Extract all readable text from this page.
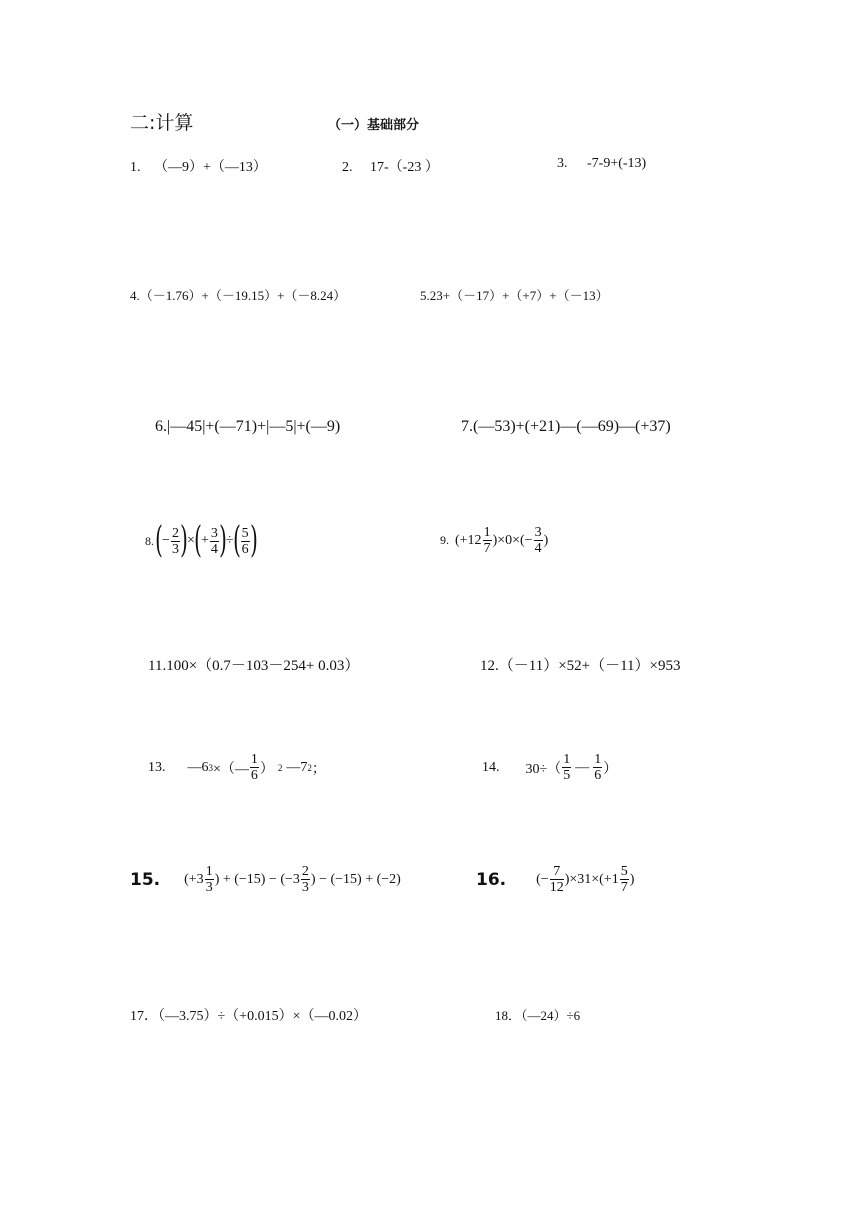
二:计算	（一）基础部分
1. （—9）+（—13）	2. 17-（-23 ）	3. -7-9+(-13)
4.（－1.76）+（－19.15）+（－8.24）	5.23+（－17）+（+7）+（－13）
6.|—45|+(—71)+|—5|+(—9)	7.(—53)+(+21)—(—69)—(+37)
8. ( − $\frac{2}{3}$ ) × ( + $\frac{3}{4}$ ) ÷ ( $\frac{5}{6}$ )	9. $(+12 \frac{1}{7} )\times 0\times(- \frac{3}{4}$ )
11.100×（0.7－103－254+ 0.03）	12.（－11）×52+（－11）×953
13. —6 3 ×（— $\frac{1}{6}$ ） 2 —7 2 ；	14. $30\div( \frac{1}{5}$ — $\frac{1}{6}$ ）
15. ($+3 \frac{1}{3}$ ) + $(-15) - (-3 \frac{2}{3}$ ) − (−15) + (−2)	16. (− $\frac{7}{12} )\times 31\times(+1 \frac{5}{7}$ )
17．（—3.75）÷（+0.015）×（—0.02）	18．（—24）÷6
